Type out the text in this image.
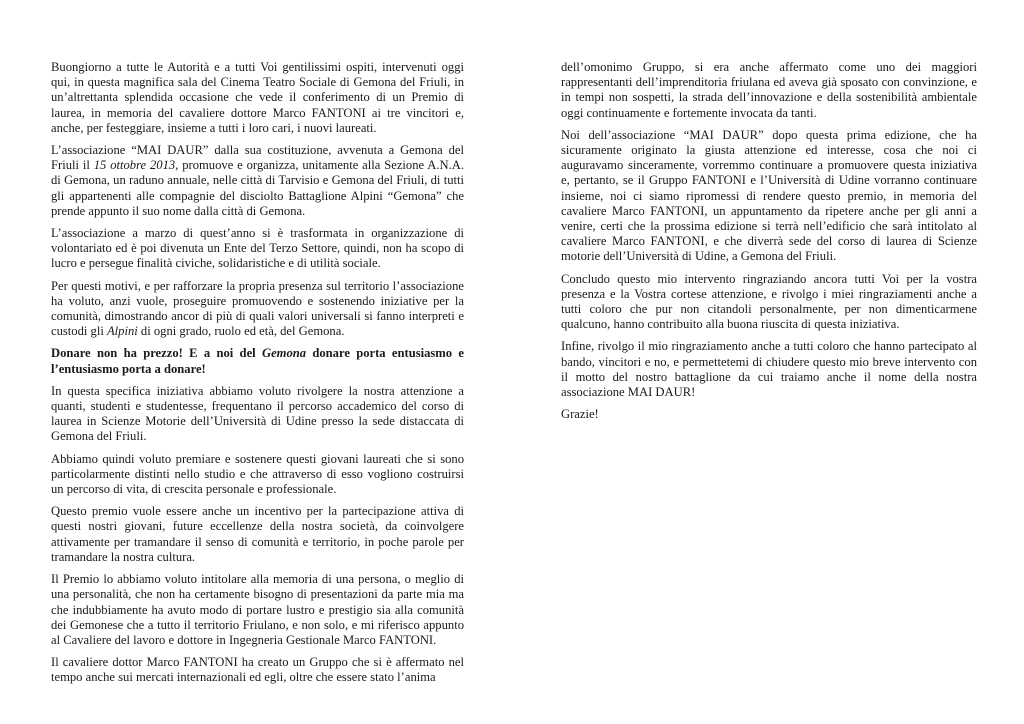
Buongiorno a tutte le Autorità e a tutti Voi gentilissimi ospiti, intervenuti oggi qui, in questa magnifica sala del Cinema Teatro Sociale di Gemona del Friuli, in un’altrettanta splendida occasione che vede il conferimento di un Premio di laurea, in memoria del cavaliere dottore Marco FANTONI ai tre vincitori e, anche, per festeggiare, insieme a tutti i loro cari, i nuovi laureati.

L’associazione “MAI DAUR” dalla sua costituzione, avvenuta a Gemona del Friuli il 15 ottobre 2013, promuove e organizza, unitamente alla Sezione A.N.A. di Gemona, un raduno annuale, nelle città di Tarvisio e Gemona del Friuli, di tutti gli appartenenti alle compagnie del disciolto Battaglione Alpini “Gemona” che prende appunto il suo nome dalla città di Gemona.

L’associazione a marzo di quest’anno si è trasformata in organizzazione di volontariato ed è poi divenuta un Ente del Terzo Settore, quindi, non ha scopo di lucro e persegue finalità civiche, solidaristiche e di utilità sociale.

Per questi motivi, e per rafforzare la propria presenza sul territorio l’associazione ha voluto, anzi vuole, proseguire promuovendo e sostenendo iniziative per la comunità, dimostrando ancor di più di quali valori universali si fanno interpreti e custodi gli Alpini di ogni grado, ruolo ed età, del Gemona.

Donare non ha prezzo! E a noi del Gemona donare porta entusiasmo e l’entusiasmo porta a donare!

In questa specifica iniziativa abbiamo voluto rivolgere la nostra attenzione a quanti, studenti e studentesse, frequentano il percorso accademico del corso di laurea in Scienze Motorie dell’Università di Udine presso la sede distaccata di Gemona del Friuli.

Abbiamo quindi voluto premiare e sostenere questi giovani laureati che si sono particolarmente distinti nello studio e che attraverso di esso vogliono costruirsi un percorso di vita, di crescita personale e professionale.

Questo premio vuole essere anche un incentivo per la partecipazione attiva di questi nostri giovani, future eccellenze della nostra società, da coinvolgere attivamente per tramandare il senso di comunità e territorio, in poche parole per tramandare la nostra cultura.

Il Premio lo abbiamo voluto intitolare alla memoria di una persona, o meglio di una personalità, che non ha certamente bisogno di presentazioni da parte mia ma che indubbiamente ha avuto modo di portare lustro e prestigio sia alla comunità dei Gemonese che a tutto il territorio Friulano, e non solo, e mi riferisco appunto al Cavaliere del lavoro e dottore in Ingegneria Gestionale Marco FANTONI.

Il cavaliere dottor Marco FANTONI ha creato un Gruppo che si è affermato nel tempo anche sui mercati internazionali ed egli, oltre che essere stato l’anima

dell’omonimo Gruppo, si era anche affermato come uno dei maggiori rappresentanti dell’imprenditoria friulana ed aveva già sposato con convinzione, e in tempi non sospetti, la strada dell’innovazione e della sostenibilità ambientale oggi continuamente e fortemente invocata da tanti.

Noi dell’associazione “MAI DAUR” dopo questa prima edizione, che ha sicuramente originato la giusta attenzione ed interesse, cosa che noi ci auguravamo sinceramente, vorremmo continuare a promuovere questa iniziativa e, pertanto, se il Gruppo FANTONI e l’Università di Udine vorranno continuare insieme, noi ci siamo ripromessi di rendere questo premio, in memoria del cavaliere Marco FANTONI, un appuntamento da ripetere anche per gli anni a venire, certi che la prossima edizione si terrà nell’edificio che sarà intitolato al cavaliere Marco FANTONI, e che diverrà sede del corso di laurea di Scienze motorie dell’Università di Udine, a Gemona del Friuli.

Concludo questo mio intervento ringraziando ancora tutti Voi per la vostra presenza e la Vostra cortese attenzione, e rivolgo i miei ringraziamenti anche a tutti coloro che pur non citandoli personalmente, per non dimenticarmene qualcuno, hanno contribuito alla buona riuscita di questa iniziativa.

Infine, rivolgo il mio ringraziamento anche a tutti coloro che hanno partecipato al bando, vincitori e no, e permettetemi di chiudere questo mio breve intervento con il motto del nostro battaglione da cui traiamo anche il nome della nostra associazione MAI DAUR!

Grazie!
